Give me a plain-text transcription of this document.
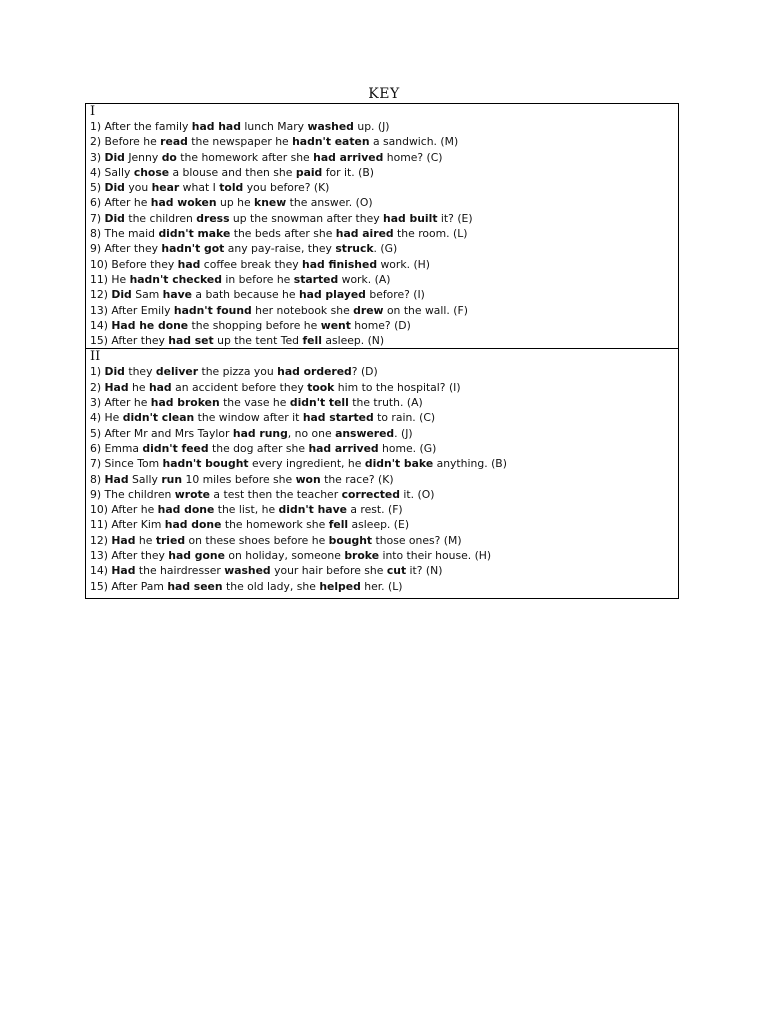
KEY
I
1) After the family had had lunch Mary washed up. (J)
2) Before he read the newspaper he hadn't eaten a sandwich. (M)
3) Did Jenny do the homework after she had arrived home? (C)
4) Sally chose a blouse and then she paid for it. (B)
5) Did you hear what I told you before? (K)
6) After he had woken up he knew the answer. (O)
7) Did the children dress up the snowman after they had built it? (E)
8) The maid didn't make the beds after she had aired the room. (L)
9) After they hadn't got any pay-raise, they struck. (G)
10) Before they had coffee break they had finished work. (H)
11) He hadn't checked in before he started work. (A)
12) Did Sam have a bath because he had played before? (I)
13) After Emily hadn't found her notebook she drew on the wall. (F)
14) Had he done the shopping before he went home? (D)
15) After they had set up the tent Ted fell asleep. (N)
II
1) Did they deliver the pizza you had ordered? (D)
2) Had he had an accident before they took him to the hospital? (I)
3) After he had broken the vase he didn't tell the truth. (A)
4) He didn't clean the window after it had started to rain. (C)
5) After Mr and Mrs Taylor had rung, no one answered. (J)
6) Emma didn't feed the dog after she had arrived home. (G)
7) Since Tom hadn't bought every ingredient, he didn't bake anything. (B)
8) Had Sally run 10 miles before she won the race? (K)
9) The children wrote a test then the teacher corrected it. (O)
10) After he had done the list, he didn't have a rest. (F)
11) After Kim had done the homework she fell asleep. (E)
12) Had he tried on these shoes before he bought those ones? (M)
13) After they had gone on holiday, someone broke into their house. (H)
14) Had the hairdresser washed your hair before she cut it? (N)
15) After Pam had seen the old lady, she helped her. (L)
